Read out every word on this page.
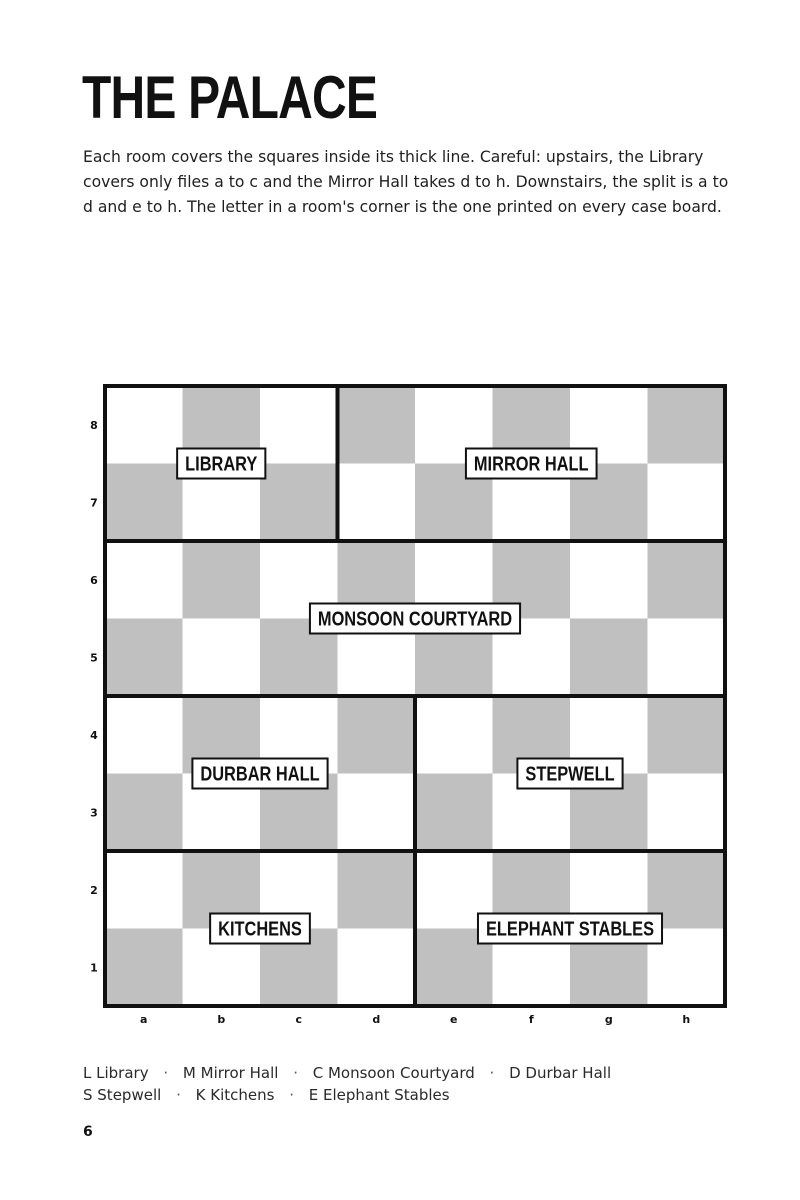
THE PALACE

Each room covers the squares inside its thick line. Careful: upstairs, the Library covers only files a to c and the Mirror Hall takes d to h. Downstairs, the split is a to d and e to h. The letter in a room's corner is the one printed on every case board.

8
7
6
5
4
3
2
1
a	b	c	d	e	f	g	h
LIBRARY	MIRROR HALL
MONSOON COURTYARD
DURBAR HALL	STEPWELL
KITCHENS	ELEPHANT STABLES
L Library · M Mirror Hall · C Monsoon Courtyard · D Durbar Hall
S Stepwell · K Kitchens · E Elephant Stables
6
